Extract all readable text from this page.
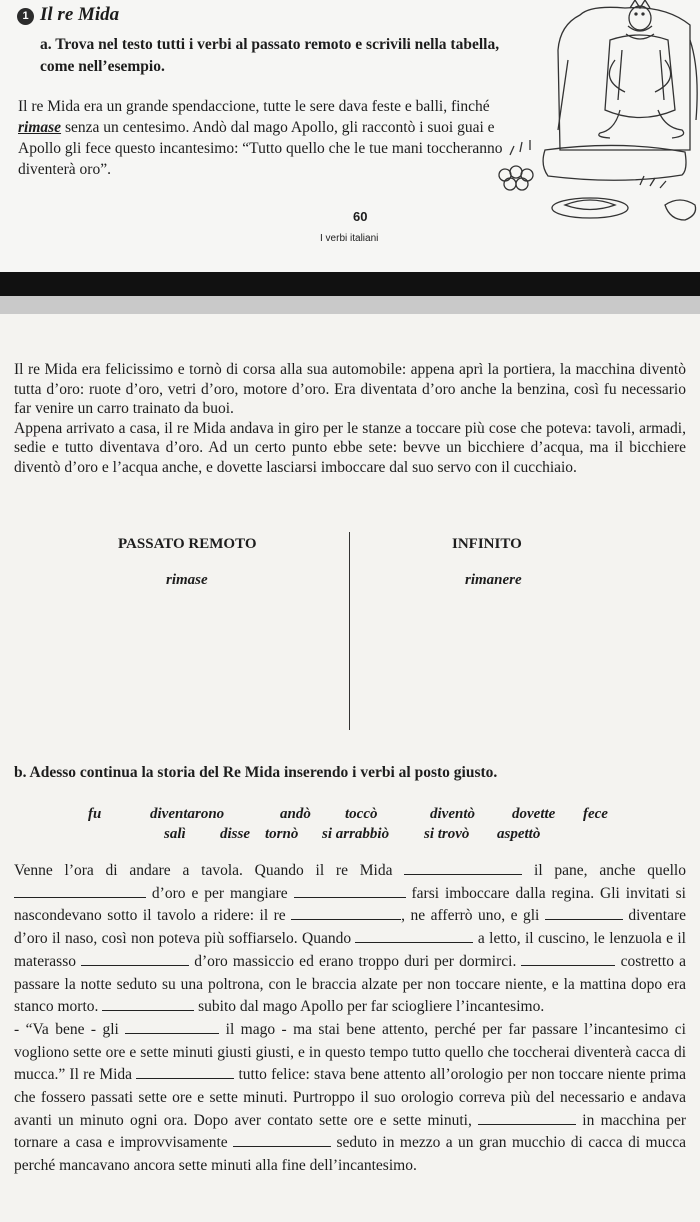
1 Il re Mida
a. Trova nel testo tutti i verbi al passato remoto e scrivili nella tabella, come nell’esempio.
Il re Mida era un grande spendaccione, tutte le sere dava feste e balli, finché rimase senza un centesimo. Andò dal mago Apollo, gli raccontò i suoi guai e Apollo gli fece questo incantesimo: “Tutto quello che le tue mani toccheranno diventerà oro”.
60
I verbi italiani

Il re Mida era felicissimo e tornò di corsa alla sua automobile: appena aprì la portiera, la macchina diventò tutta d’oro: ruote d’oro, vetri d’oro, motore d’oro. Era diventata d’oro anche la benzina, così fu necessario far venire un carro trainato da buoi.

Appena arrivato a casa, il re Mida andava in giro per le stanze a toccare più cose che poteva: tavoli, armadi, sedie e tutto diventava d’oro. Ad un certo punto ebbe sete: bevve un bicchiere d’acqua, ma il bicchiere diventò d’oro e l’acqua anche, e dovette lasciarsi imboccare dal suo servo con il cucchiaio.

PASSATO REMOTO	INFINITO
rimase	rimanere
b. Adesso continua la storia del Re Mida inserendo i verbi al posto giusto.
fu	diventarono	andò toccò	diventò dovette fece
salì disse tornò si arrabbiò si trovò aspettò

Venne l’ora di andare a tavola. Quando il re Mida	il pane, anche quello  d’oro e per mangiare	farsi imboccare dalla regina. Gli invitati si nascondevano sotto il tavolo a ridere: il re	, ne afferrò uno, e gli	diventare d’oro il naso, così non poteva più soffiarselo. Quando	a letto, il cuscino, le lenzuola e il materasso	d’oro massiccio ed erano troppo duri per dormirci.	costretto a passare la notte seduto su una poltrona, con le braccia alzate per non toccare niente, e la mattina dopo era stanco morto.	subito dal mago Apollo per far sciogliere l’incantesimo.

- “Va bene - gli	il mago - ma stai bene attento, perché per far passare l’incantesimo ci vogliono sette ore e sette minuti giusti giusti, e in questo tempo tutto quello che toccherai diventerà cacca di mucca.” Il re Mida	tutto felice: stava bene attento all’orologio per non toccare niente prima che fossero passati sette ore e sette minuti. Purtroppo il suo orologio correva più del necessario e andava avanti un minuto ogni ora. Dopo aver contato sette ore e sette minuti,	in macchina per tornare a casa e improvvisamente	seduto in mezzo a un gran mucchio di cacca di mucca perché mancavano ancora sette minuti alla fine dell’incantesimo.
